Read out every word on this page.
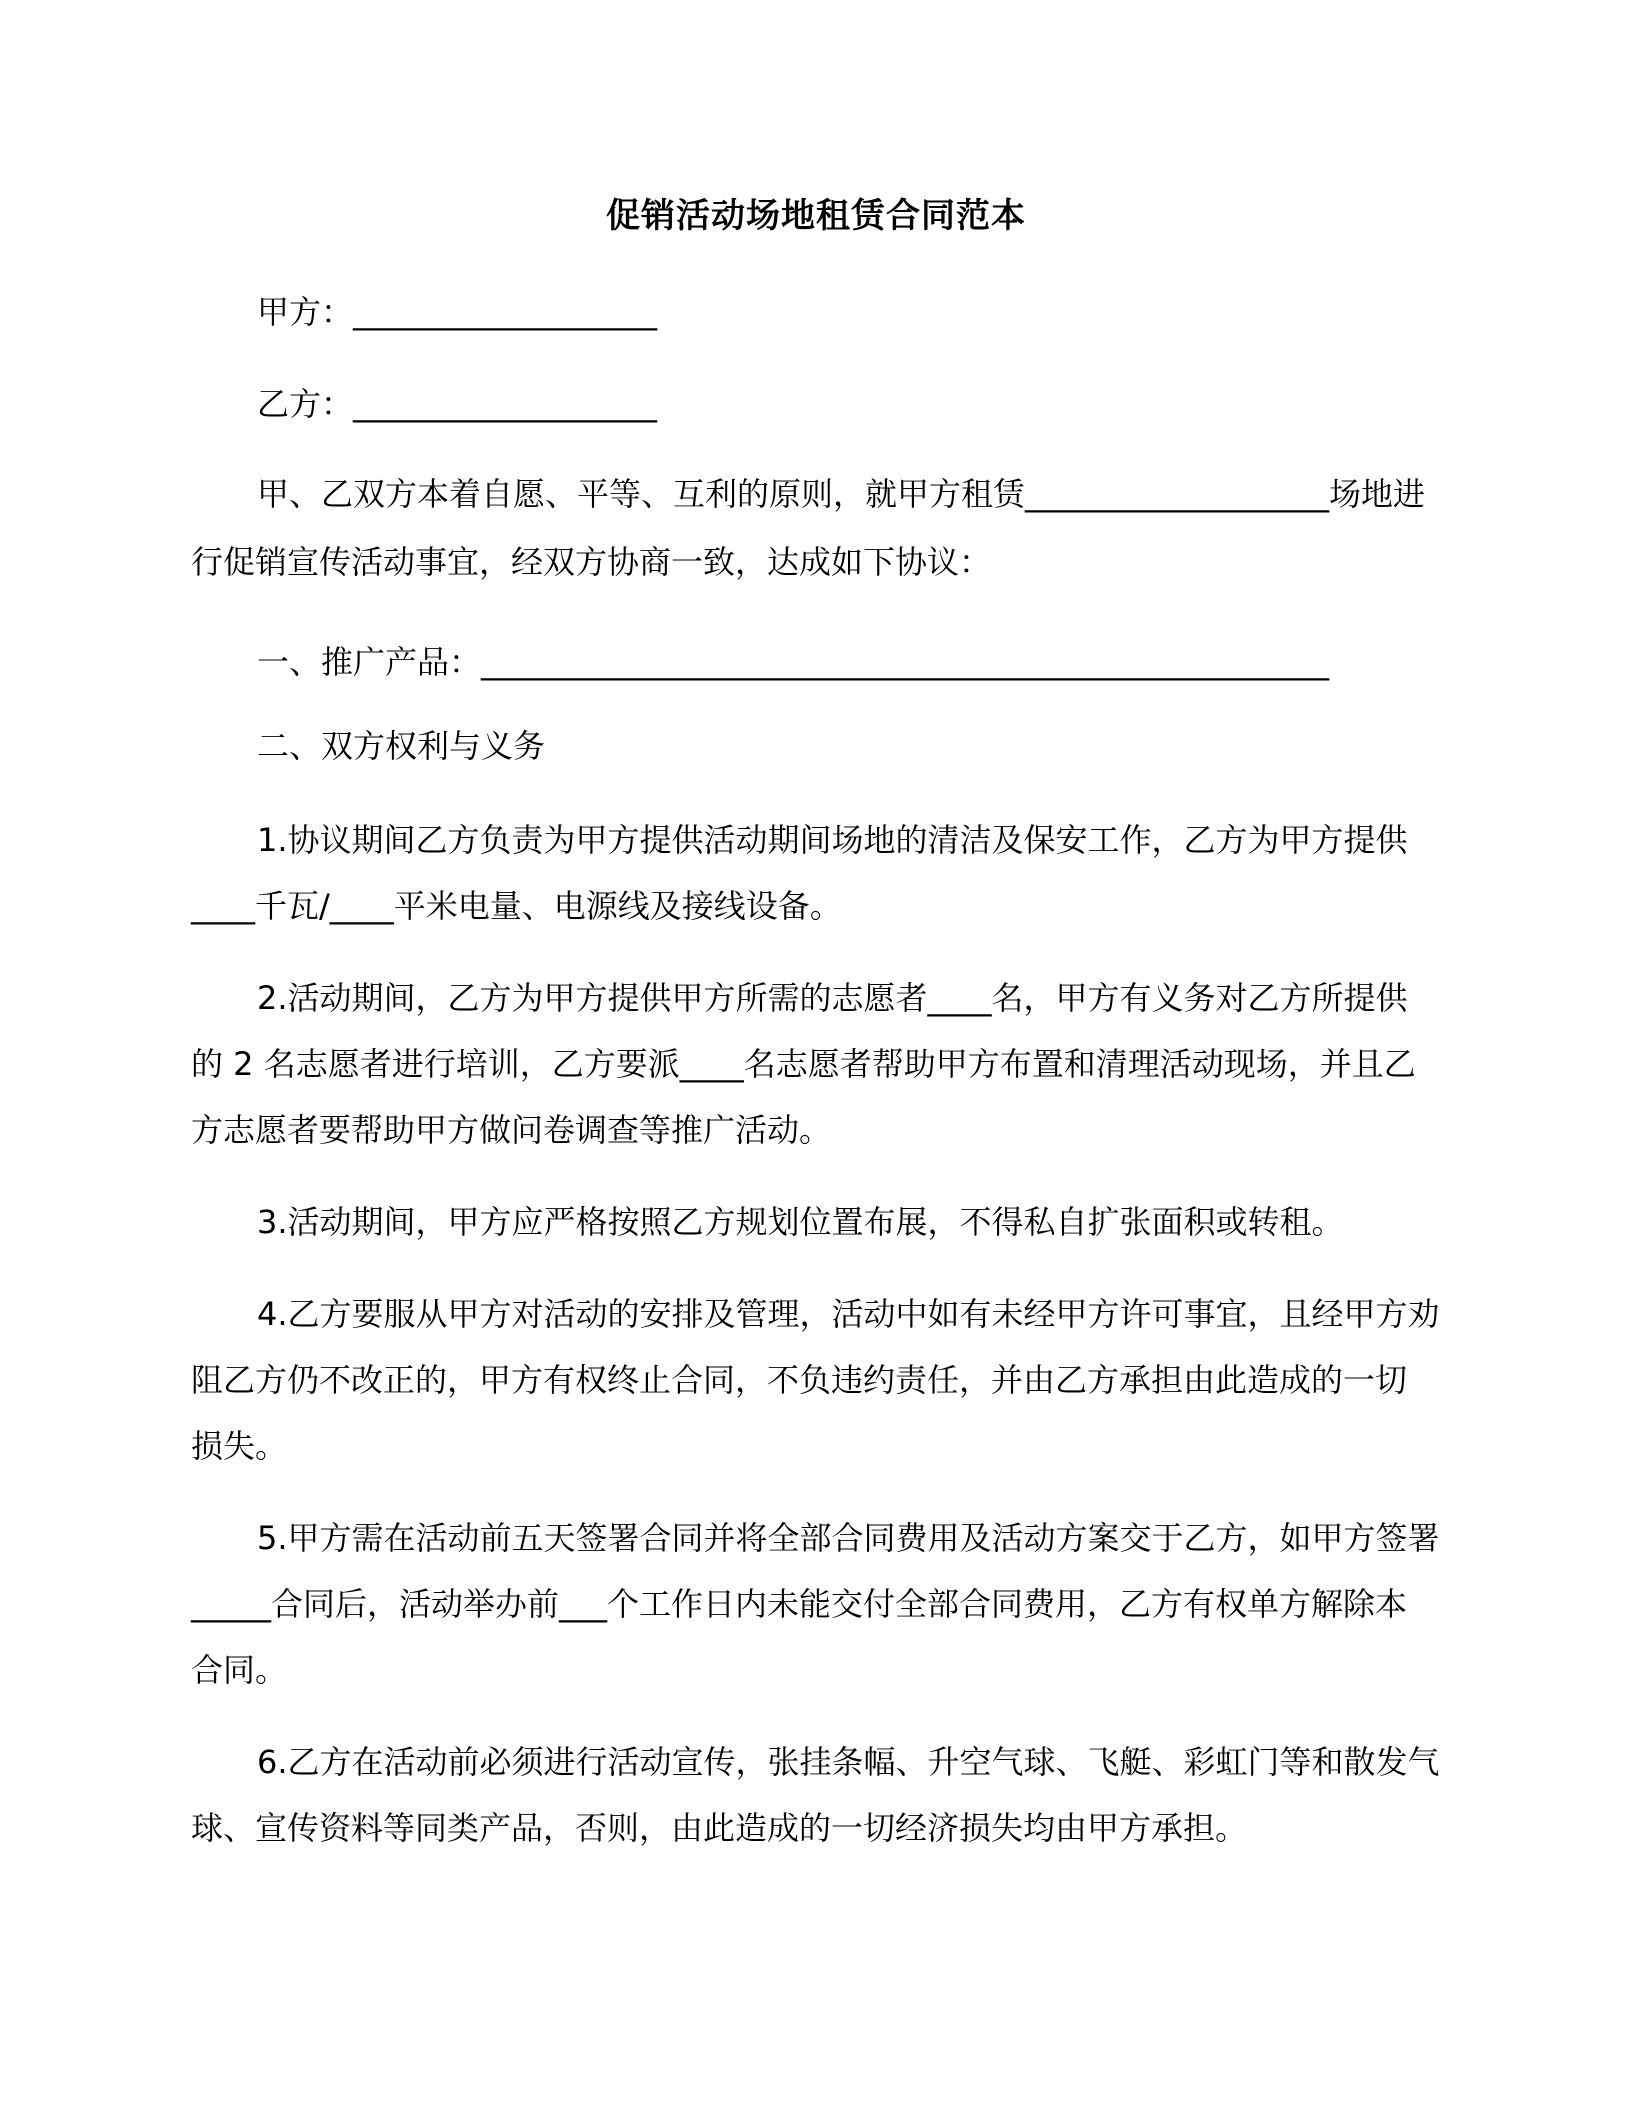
促销活动场地租赁合同范本
甲方：___________________
乙方：___________________
甲、乙双方本着自愿、平等、互利的原则，就甲方租赁___________________场地进
行促销宣传活动事宜，经双方协商一致，达成如下协议：
一、推广产品：_____________________________________________________
二、双方权利与义务
1.协议期间乙方负责为甲方提供活动期间场地的清洁及保安工作，乙方为甲方提供
____千瓦/____平米电量、电源线及接线设备。
2.活动期间，乙方为甲方提供甲方所需的志愿者____名，甲方有义务对乙方所提供
的 2 名志愿者进行培训，乙方要派____名志愿者帮助甲方布置和清理活动现场，并且乙
方志愿者要帮助甲方做问卷调查等推广活动。
3.活动期间，甲方应严格按照乙方规划位置布展，不得私自扩张面积或转租。
4.乙方要服从甲方对活动的安排及管理，活动中如有未经甲方许可事宜，且经甲方劝
阻乙方仍不改正的，甲方有权终止合同，不负违约责任，并由乙方承担由此造成的一切
损失。
5.甲方需在活动前五天签署合同并将全部合同费用及活动方案交于乙方，如甲方签署
_____合同后，活动举办前___个工作日内未能交付全部合同费用，乙方有权单方解除本
合同。
6.乙方在活动前必须进行活动宣传，张挂条幅、升空气球、飞艇、彩虹门等和散发气
球、宣传资料等同类产品，否则，由此造成的一切经济损失均由甲方承担。
